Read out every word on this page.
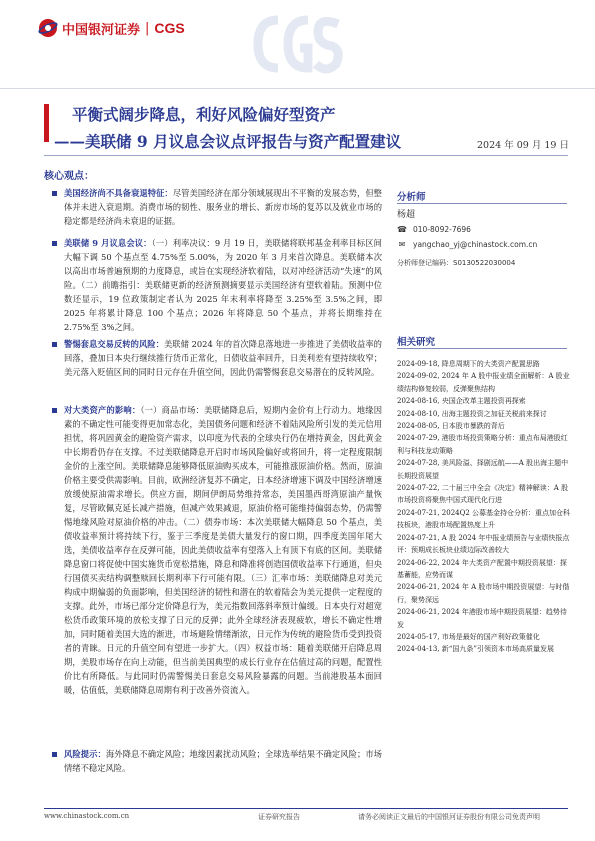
中国银河证券 | CGS
平衡式阔步降息，利好风险偏好型资产
——美联储 9 月议息会议点评报告与资产配置建议	2024 年 09 月 19 日
核心观点：
美国经济尚不具备衰退特征：尽管美国经济在部分领域展现出不平衡的发展态势，但整体并未进入衰退期。消费市场的韧性、服务业的增长、新房市场的复苏以及就业市场的稳定都是经济尚未衰退的证据。
美联储 9 月议息会议：（一）利率决议：9 月 19 日，美联储将联邦基金利率目标区间大幅下调 50 个基点至 4.75%至 5.00%，为 2020 年 3 月来首次降息。美联储本次以高出市场普遍预期的力度降息，或旨在实现经济软着陆，以对冲经济活动“失速”的风险。（二）前瞻指引：美联储更新的经济预测摘要显示美国经济有望软着陆。预测中位数还显示，19 位政策制定者认为 2025 年末利率将降至 3.25%至 3.5%之间，即 2025 年将累计降息 100 个基点；2026 年将降息 50 个基点，并将长期维持在 2.75%至 3%之间。
警惕套息交易反转的风险：美联储 2024 年的首次降息落地进一步推进了美债收益率的回落，叠加日本央行继续推行货币正常化，日债收益率回升，日美利差有望持续收窄；美元落入贬值区间的同时日元存在升值空间，因此仍需警惕套息交易潜在的反转风险。
对大类资产的影响：（一）商品市场：美联储降息后，短期内金价有上行动力。地缘因素的不确定性可能变得更加常态化，美国债务问题和经济不着陆风险所引发的美元信用担忧，将巩固黄金的避险资产需求，以印度为代表的全球央行仍在增持黄金，因此黄金中长期看仍存在支撑。不过美联储降息开启时市场风险偏好或将回升，将一定程度限制金价的上涨空间。美联储降息能够降低原油购买成本，可能推涨原油价格。然而，原油价格主要受供需影响。目前，欧洲经济复苏不确定，日本经济增速下调及中国经济增速放缓使原油需求增长。供应方面，期间伊朗局势维持常态，美国墨西哥湾原油产量恢复，尽管欧佩克延长减产措施，但减产效果减退，原油价格可能维持偏弱态势，仍需警惕地缘风险对原油价格的冲击。（二）债券市场：本次美联储大幅降息 50 个基点，美债收益率预计将持续下行，鉴于三季度是美债大量发行的窗口期，四季度美国年尾大选，美债收益率存在反弹可能，因此美债收益率有望落入上有顶下有底的区间。美联储降息窗口将促使中国实施货币宽松措施，降息和降准将创造国债收益率下行通道，但央行国债买卖结构调整赎回长期利率下行可能有限。（三）汇率市场：美联储降息对美元构成中期偏弱的负面影响，但美国经济的韧性和潜在的软着陆会为美元提供一定程度的支撑。此外，市场已部分定价降息行为，美元指数回落斜率预计偏缓。日本央行对超宽松货币政策环境的放松支撑了日元的反弹；此外全球经济表现疲软，增长不确定性增加，同时随着美国大选的渐进，市场避险情绪渐浓，日元作为传统的避险货币受到投资者的青睐。日元的升值空间有望进一步扩大。（四）权益市场：随着美联储开启降息周期，美股市场存在向上动能，但当前美国典型的成长行业存在估值过高的问题，配置性价比有所降低。与此同时仍需警惕美日套息交易风险暴露的问题。当前港股基本面回暖，估值低，美联储降息周期有利于改善外资流入。
风险提示：海外降息不确定风险；地缘因素扰动风险；全球选举结果不确定风险；市场情绪不稳定风险。
分析师
杨超
☎ 010-8092-7696
✉ yangchao_yj@chinastock.com.cn
分析师登记编码：S0130522030004
相关研究
2024-09-18, 降息周期下的大类资产配置思路
2024-09-02, 2024 年 A 股中报业绩全面解析：A 股业绩结构修复较弱，反弹聚焦结构
2024-08-16, 央国企改革主题投资再探索
2024-08-10, 出海主题投资之加征关税前来探讨
2024-08-05, 日本股市暴跌的背后
2024-07-29, 港股市场投资策略分析：重点布局港股红利与科技龙动策略
2024-07-28, 美风险溢、择剧远航——A 股出海主题中长期投资展望
2024-07-22, 二十届三中全会《决定》精神解读：A 股市场投资将聚焦中国式现代化行进
2024-07-21, 2024Q2 公募基金持仓分析：重点加仓科技板块，港股市场配置热度上升
2024-07-21, A 股 2024 年中报业绩预告与业绩快报点评：预期成长板块业绩边际改善较大
2024-06-22, 2024 年大类资产配置中期投资展望：探基蓄能，应势而谋
2024-06-21, 2024 年 A 股市场中期投资展望：与时偕行，聚势深远
2024-06-21, 2024 年港股市场中期投资展望：趋势待发
2024-05-17, 市场是最好的国产利好政策催化
2024-04-13, 新“国九条”引领资本市场高质量发展
www.chinastock.com.cn	证券研究报告	请务必阅读正文最后的中国银河证券股份有限公司免责声明
